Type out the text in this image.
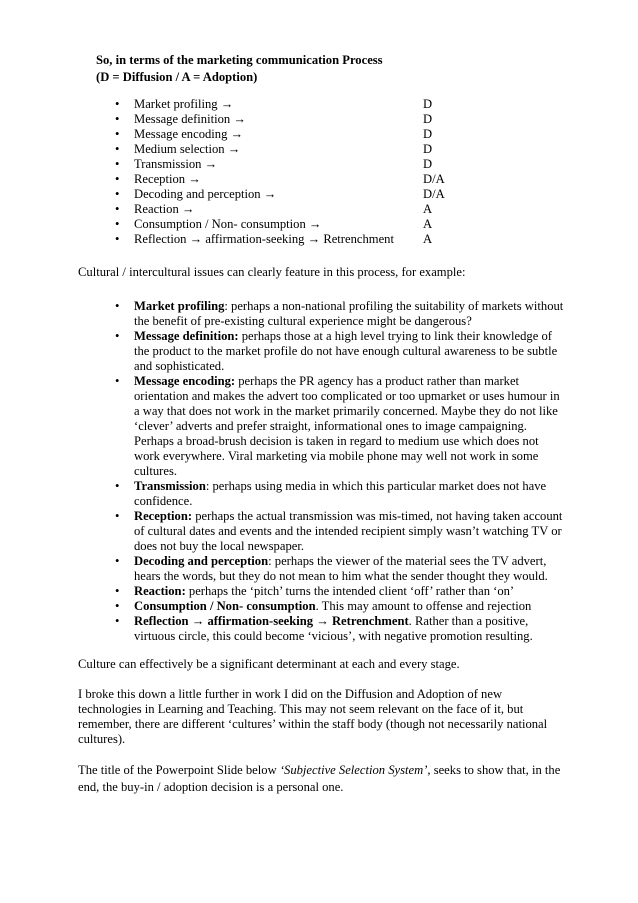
So, in terms of the marketing communication Process
(D = Diffusion / A = Adoption)
• Market profiling →	D
• Message definition →	D
• Message encoding →	D
• Medium selection →	D
• Transmission →	D
• Reception →	D/A
• Decoding and perception →	D/A
• Reaction →	A
• Consumption / Non- consumption →	A
• Reflection → affirmation-seeking → Retrenchment A
Cultural / intercultural issues can clearly feature in this process, for example:

• Market profiling: perhaps a non-national profiling the suitability of markets without the benefit of pre-existing cultural experience might be dangerous?

• Message definition: perhaps those at a high level trying to link their knowledge of the product to the market profile do not have enough cultural awareness to be subtle and sophisticated.

• Message encoding: perhaps the PR agency has a product rather than market orientation and makes the advert too complicated or too upmarket or uses humour in a way that does not work in the market primarily concerned. Maybe they do not like ‘clever’ adverts and prefer straight, informational ones to image campaigning. Perhaps a broad-brush decision is taken in regard to medium use which does not work everywhere. Viral marketing via mobile phone may well not work in some cultures.

• Transmission: perhaps using media in which this particular market does not have confidence.

• Reception: perhaps the actual transmission was mis-timed, not having taken account of cultural dates and events and the intended recipient simply wasn’t watching TV or does not buy the local newspaper.

• Decoding and perception: perhaps the viewer of the material sees the TV advert, hears the words, but they do not mean to him what the sender thought they would.

• Reaction: perhaps the ‘pitch’ turns the intended client ‘off’ rather than ‘on’

• Consumption / Non- consumption. This may amount to offense and rejection

• Reflection → affirmation-seeking → Retrenchment. Rather than a positive, virtuous circle, this could become ‘vicious’, with negative promotion resulting.

Culture can effectively be a significant determinant at each and every stage.
I broke this down a little further in work I did on the Diffusion and Adoption of new technologies in Learning and Teaching. This may not seem relevant on the face of it, but remember, there are different ‘cultures’ within the staff body (though not necessarily national cultures).
The title of the Powerpoint Slide below ‘Subjective Selection System’, seeks to show that, in the end, the buy-in / adoption decision is a personal one.
